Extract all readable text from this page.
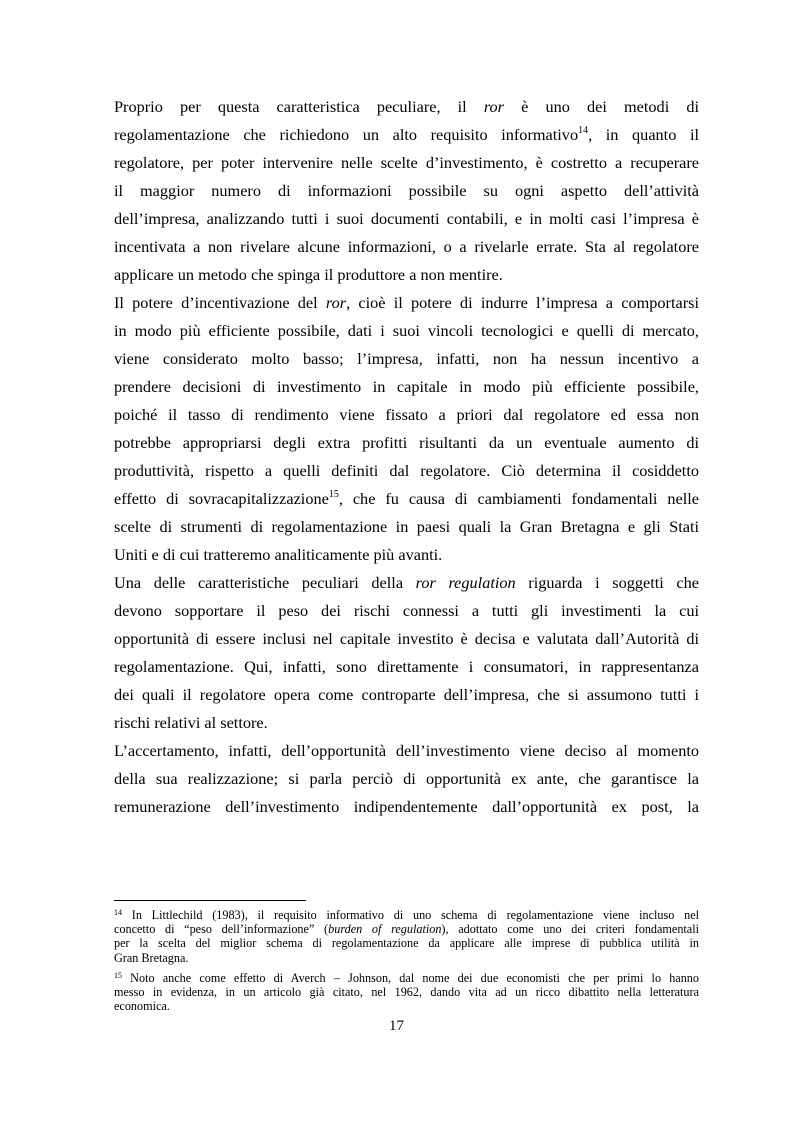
Proprio per questa caratteristica peculiare, il ror è uno dei metodi di
regolamentazione che richiedono un alto requisito informativo$^{14}$, in quanto il
regolatore, per poter intervenire nelle scelte d’investimento, è costretto a recuperare
il maggior numero di informazioni possibile su ogni aspetto dell’attività
dell’impresa, analizzando tutti i suoi documenti contabili, e in molti casi l’impresa è
incentivata a non rivelare alcune informazioni, o a rivelarle errate. Sta al regolatore
applicare un metodo che spinga il produttore a non mentire.

Il potere d’incentivazione del ror, cioè il potere di indurre l’impresa a comportarsi
in modo più efficiente possibile, dati i suoi vincoli tecnologici e quelli di mercato,
viene considerato molto basso; l’impresa, infatti, non ha nessun incentivo a
prendere decisioni di investimento in capitale in modo più efficiente possibile,
poiché il tasso di rendimento viene fissato a priori dal regolatore ed essa non
potrebbe appropriarsi degli extra profitti risultanti da un eventuale aumento di
produttività, rispetto a quelli definiti dal regolatore. Ciò determina il cosiddetto
effetto di sovracapitalizzazione$^{15}$, che fu causa di cambiamenti fondamentali nelle
scelte di strumenti di regolamentazione in paesi quali la Gran Bretagna e gli Stati
Uniti e di cui tratteremo analiticamente più avanti.

Una delle caratteristiche peculiari della ror regulation riguarda i soggetti che
devono sopportare il peso dei rischi connessi a tutti gli investimenti la cui
opportunità di essere inclusi nel capitale investito è decisa e valutata dall’Autorità di
regolamentazione. Qui, infatti, sono direttamente i consumatori, in rappresentanza
dei quali il regolatore opera come controparte dell’impresa, che si assumono tutti i
rischi relativi al settore.

L’accertamento, infatti, dell’opportunità dell’investimento viene deciso al momento
della sua realizzazione; si parla perciò di opportunità ex ante, che garantisce la
remunerazione dell’investimento indipendentemente dall’opportunità ex post, la

$^{14}$ In Littlechild (1983), il requisito informativo di uno schema di regolamentazione viene incluso nel
concetto di “peso dell’informazione” (burden of regulation), adottato come uno dei criteri fondamentali
per la scelta del miglior schema di regolamentazione da applicare alle imprese di pubblica utilità in
Gran Bretagna.

$^{15}$ Noto anche come effetto di Averch – Johnson, dal nome dei due economisti che per primi lo hanno
messo in evidenza, in un articolo già citato, nel 1962, dando vita ad un ricco dibattito nella letteratura
economica.

17
